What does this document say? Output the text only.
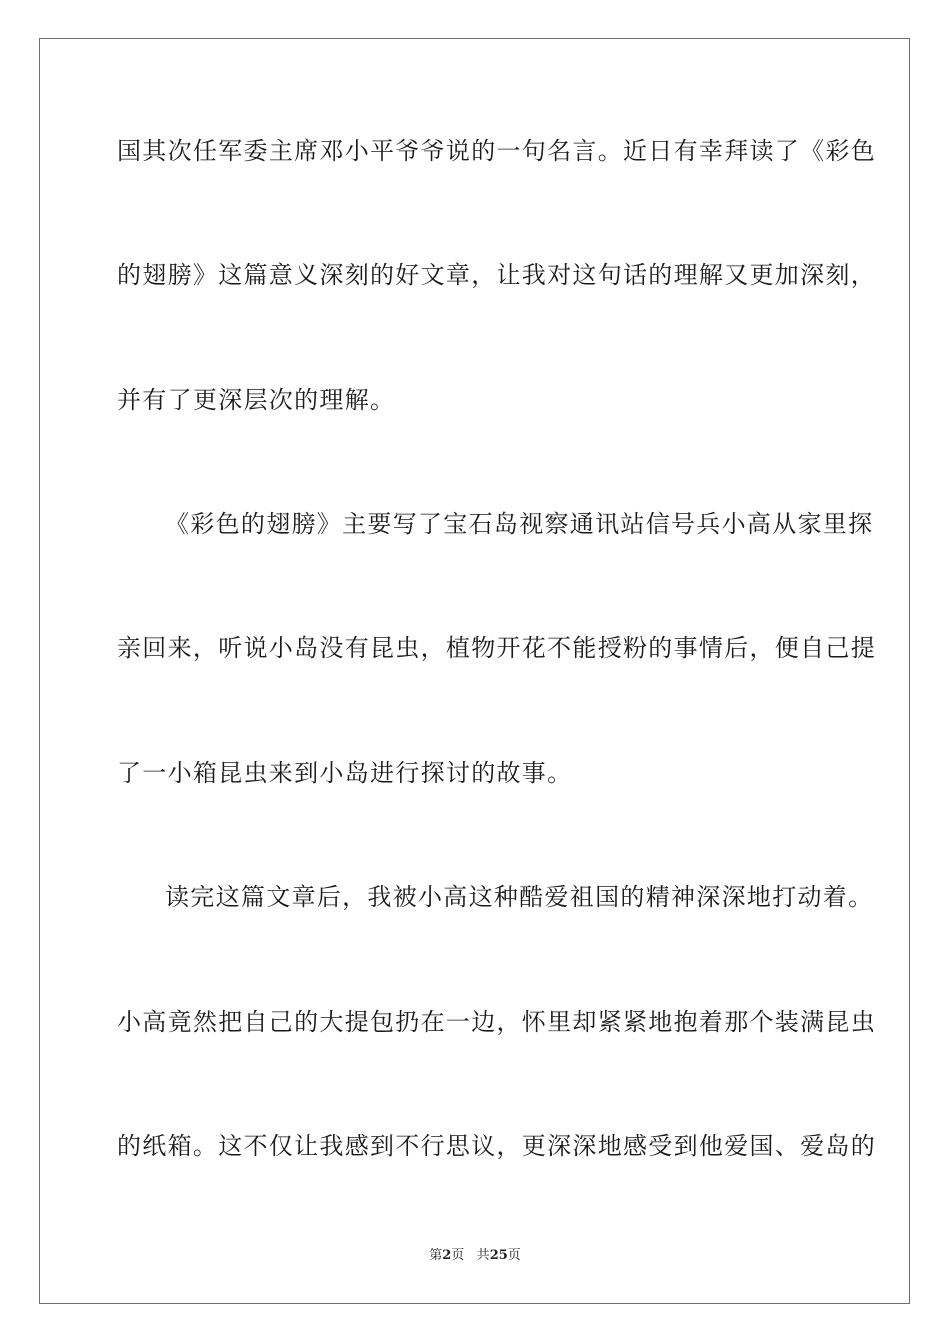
国其次任军委主席邓小平爷爷说的一句名言。近日有幸拜读了《彩色
的翅膀》这篇意义深刻的好文章，让我对这句话的理解又更加深刻，
并有了更深层次的理解。
《彩色的翅膀》主要写了宝石岛视察通讯站信号兵小高从家里探
亲回来，听说小岛没有昆虫，植物开花不能授粉的事情后，便自己提
了一小箱昆虫来到小岛进行探讨的故事。
读完这篇文章后，我被小高这种酷爱祖国的精神深深地打动着。
小高竟然把自己的大提包扔在一边，怀里却紧紧地抱着那个装满昆虫
的纸箱。这不仅让我感到不行思议，更深深地感受到他爱国、爱岛的
第2页 共25页
